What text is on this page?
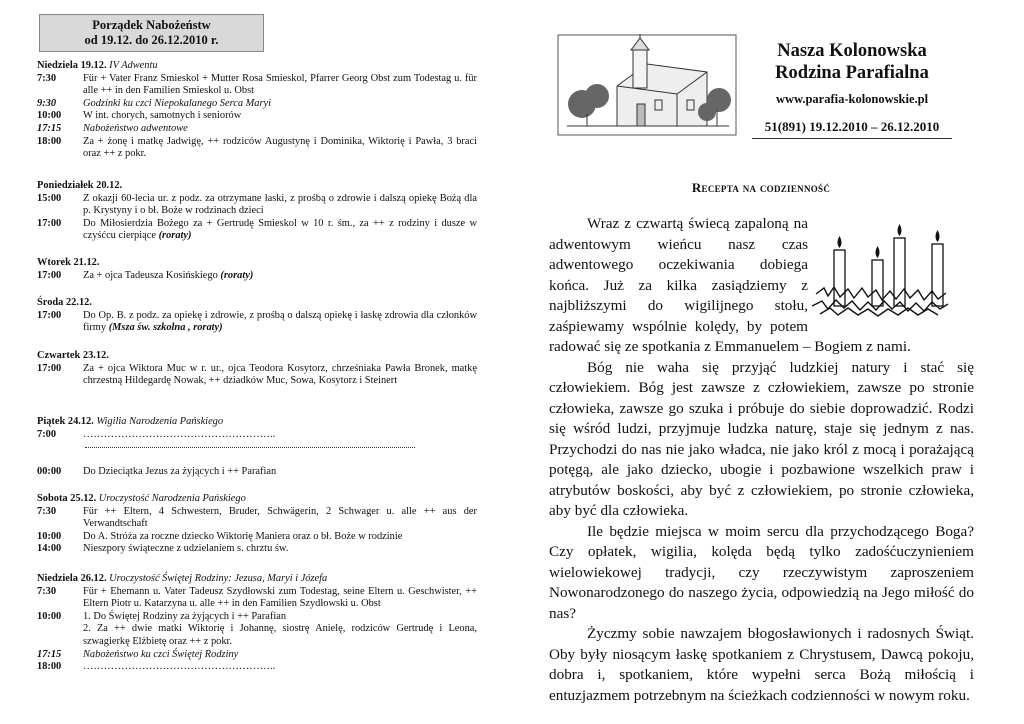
Porządek Nabożeństw
od 19.12. do 26.12.2010 r.
Niedziela 19.12. IV Adwentu
7:30	Für + Vater Franz Smieskol + Mutter Rosa Smieskol, Pfarrer Georg Obst zum Todestag u. für alle ++ in den Familien Smieskol u. Obst
9:30	Godzinki ku czci Niepokalanego Serca Maryi
10:00	W int. chorych, samotnych i seniorów
17:15	Nabożeństwo adwentowe
18:00	Za + żonę i matkę Jadwigę, ++ rodziców Augustynę i Dominika, Wiktorię i Pawła, 3 braci oraz ++ z pokr.
Poniedziałek 20.12.
15:00	Z okazji 60-lecia ur. z podz. za otrzymane łaski, z prośbą o zdrowie i dalszą opiekę Bożą dla p. Krystyny i o bł. Boże w rodzinach dzieci
17:00	Do Miłosierdzia Bożego za + Gertrudę Smieskol w 10 r. śm., za ++ z rodziny i dusze w czyśćcu cierpiące (roraty)
Wtorek 21.12.
17:00	Za + ojca Tadeusza Kosińskiego (roraty)
Środa 22.12.
17:00	Do Op. B. z podz. za opiekę i zdrowie, z prośbą o dalszą opiekę i łaskę zdrowia dla członków firmy (Msza św. szkolna , roraty)
Czwartek 23.12.
17:00	Za + ojca Wiktora Muc w r. ur., ojca Teodora Kosytorz, chrześniaka Pawła Bronek, matkę chrzestną Hildegardę Nowak, ++ dziadków Muc, Sowa, Kosytorz i Steinert
Piątek 24.12. Wigilia Narodzenia Pańskiego
7:00	………………………………………………..
00:00	Do Dzieciątka Jezus za żyjących i ++ Parafian
Sobota 25.12. Uroczystość Narodzenia Pańskiego
7:30	Für ++ Eltern, 4 Schwestern, Bruder, Schwägerin, 2 Schwager u. alle ++ aus der Verwandtschaft
10:00	Do A. Stróża za roczne dziecko Wiktorię Maniera oraz o bł. Boże w rodzinie
14:00	Nieszpory świąteczne z udzielaniem s. chrztu św.
Niedziela 26.12. Uroczystość Świętej Rodziny: Jezusa, Maryi i Józefa
7:30	Für + Ehemann u. Vater Tadeusz Szydłowski zum Todestag, seine Eltern u. Geschwister, ++ Eltern Piotr u. Katarzyna u. alle ++ in den Familien Szydłowski u. Obst
10:00	1. Do Świętej Rodziny za żyjących i ++ Parafian
2. Za ++ dwie matki Wiktorię i Johannę, siostrę Anielę, rodziców Gertrudę i Leona, szwagierkę Elżbietę oraz ++ z pokr.
17:15	Nabożeństwo ku czci Świętej Rodziny
18:00	………………………………………………..
Nasza Kolonowska
Rodzina Parafialna
www.parafia-kolonowskie.pl
51(891) 19.12.2010 – 26.12.2010
Recepta na codzienność

Wraz z czwartą świecą zapaloną na adwentowym wieńcu nasz czas adwentowego oczekiwania dobiega końca. Już za kilka zasiądziemy z najbliższymi do wigilijnego stołu, zaśpiewamy wspólnie kolędy, by potem radować się ze spotkania z Emmanuelem – Bogiem z nami.

Bóg nie waha się przyjąć ludzkiej natury i stać się człowiekiem. Bóg jest zawsze z człowiekiem, zawsze po stronie człowieka, zawsze go szuka i próbuje do siebie doprowadzić. Rodzi się wśród ludzi, przyjmuje ludzka naturę, staje się jednym z nas. Przychodzi do nas nie jako władca, nie jako król z mocą i porażającą potęgą, ale jako dziecko, ubogie i pozbawione wszelkich praw i atrybutów boskości, aby być z człowiekiem, po stronie człowieka, aby być dla człowieka.

Ile będzie miejsca w moim sercu dla przychodzącego Boga? Czy opłatek, wigilia, kolęda będą tylko zadośćuczynieniem wielowiekowej tradycji, czy rzeczywistym zaproszeniem Nowonarodzonego do naszego życia, odpowiedzią na Jego miłość do nas?

Życzmy sobie nawzajem błogosławionych i radosnych Świąt. Oby były niosącym łaskę spotkaniem z Chrystusem, Dawcą pokoju, dobra i, spotkaniem, które wypełni serca Bożą miłością i entuzjazmem potrzebnym na ścieżkach codzienności w nowym roku.
